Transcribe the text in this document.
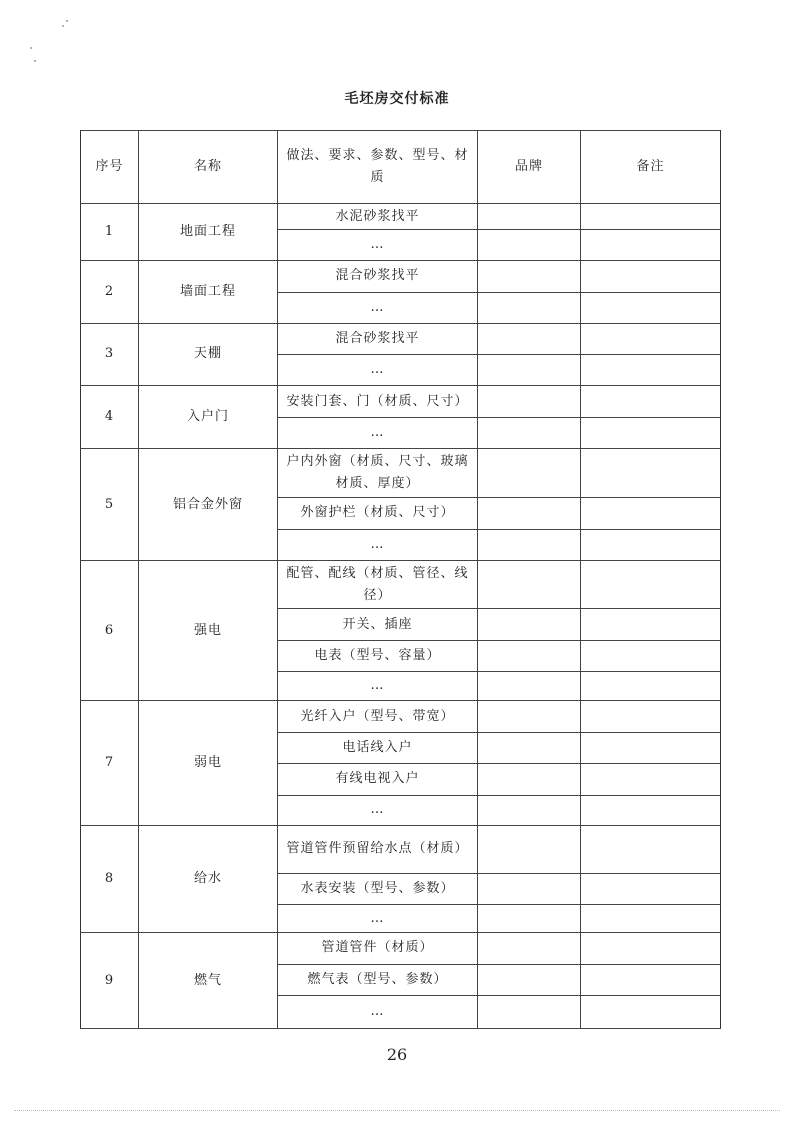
毛坯房交付标准
序号	名称	做法、要求、参数、型号、材质	品牌	备注
1	地面工程	水泥砂浆找平		
		…		
2	墙面工程	混合砂浆找平		
		…		
3	天棚	混合砂浆找平		
		…		
4	入户门	安装门套、门（材质、尺寸）		
		…		
5	铝合金外窗	户内外窗（材质、尺寸、玻璃材质、厚度）		
		外窗护栏（材质、尺寸）		
		…		
6	强电	配管、配线（材质、管径、线径）		
		开关、插座		
		电表（型号、容量）		
		…		
7	弱电	光纤入户（型号、带宽）		
		电话线入户		
		有线电视入户		
		…		
8	给水	管道管件预留给水点（材质）		
		水表安装（型号、参数）		
		…		
9	燃气	管道管件（材质）		
		燃气表（型号、参数）		
		…		
26
